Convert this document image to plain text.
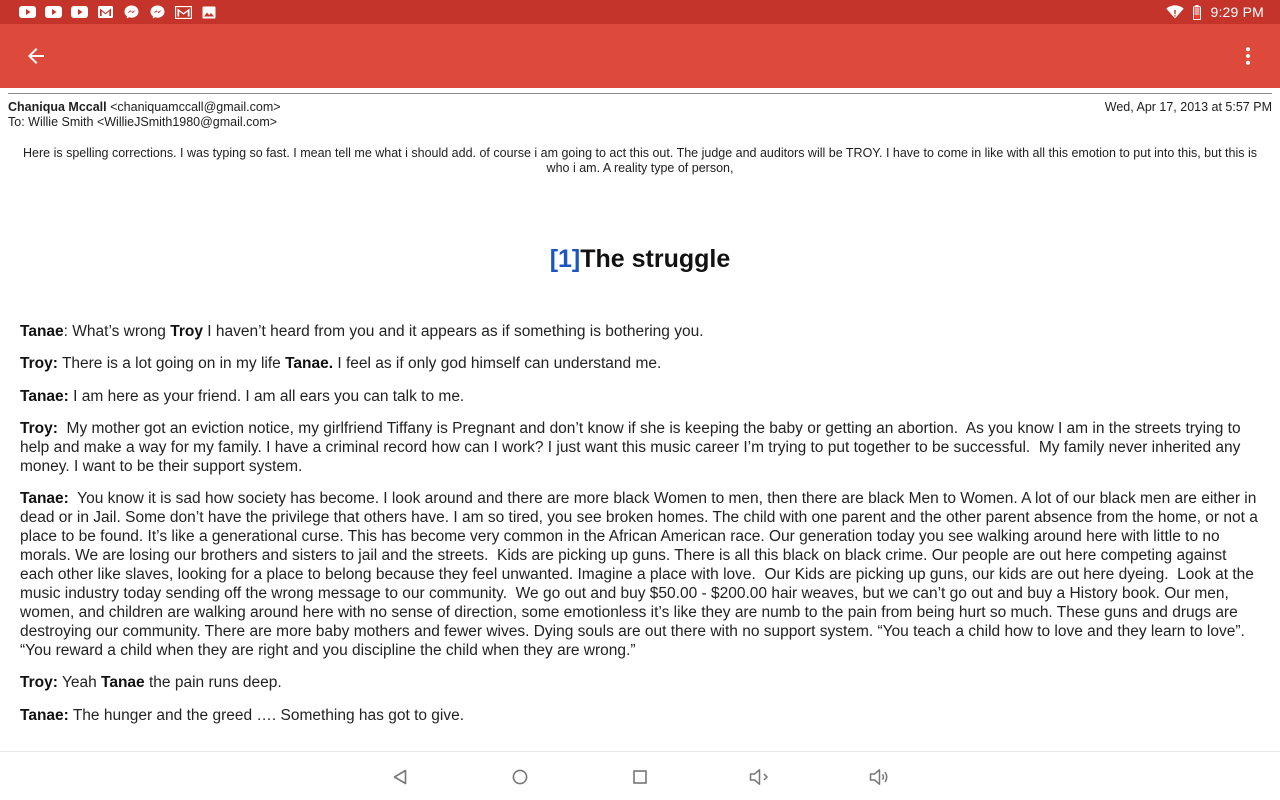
9:29 PM
Chaniqua Mccall <chaniquamccall@gmail.com>
To: Willie Smith <WillieJSmith1980@gmail.com>
Wed, Apr 17, 2013 at 5:57 PM
Here is spelling corrections. I was typing so fast. I mean tell me what i should add. of course i am going to act this out. The judge and auditors will be TROY. I have to come in like with all this emotion to put into this, but this is who i am. A reality type of person,
[1]The struggle

Tanae: What’s wrong Troy I haven’t heard from you and it appears as if something is bothering you.

Troy: There is a lot going on in my life Tanae. I feel as if only god himself can understand me.

Tanae: I am here as your friend. I am all ears you can talk to me.

Troy: My mother got an eviction notice, my girlfriend Tiffany is Pregnant and don’t know if she is keeping the baby or getting an abortion.  As you know I am in the streets trying to help and make a way for my family. I have a criminal record how can I work? I just want this music career I’m trying to put together to be successful.  My family never inherited any money. I want to be their support system.

Tanae: You know it is sad how society has become. I look around and there are more black Women to men, then there are black Men to Women. A lot of our black men are either in dead or in Jail. Some don’t have the privilege that others have. I am so tired, you see broken homes. The child with one parent and the other parent absence from the home, or not a place to be found. It’s like a generational curse. This has become very common in the African American race. Our generation today you see walking around here with little to no morals. We are losing our brothers and sisters to jail and the streets.  Kids are picking up guns. There is all this black on black crime. Our people are out here competing against each other like slaves, looking for a place to belong because they feel unwanted. Imagine a place with love.  Our Kids are picking up guns, our kids are out here dyeing.  Look at the music industry today sending off the wrong message to our community.  We go out and buy $50.00 - $200.00 hair weaves, but we can’t go out and buy a History book. Our men, women, and children are walking around here with no sense of direction, some emotionless it’s like they are numb to the pain from being hurt so much. These guns and drugs are destroying our community. There are more baby mothers and fewer wives. Dying souls are out there with no support system. “You teach a child how to love and they learn to love”. “You reward a child when they are right and you discipline the child when they are wrong.”

Troy: Yeah Tanae the pain runs deep.

Tanae: The hunger and the greed …. Something has got to give.
